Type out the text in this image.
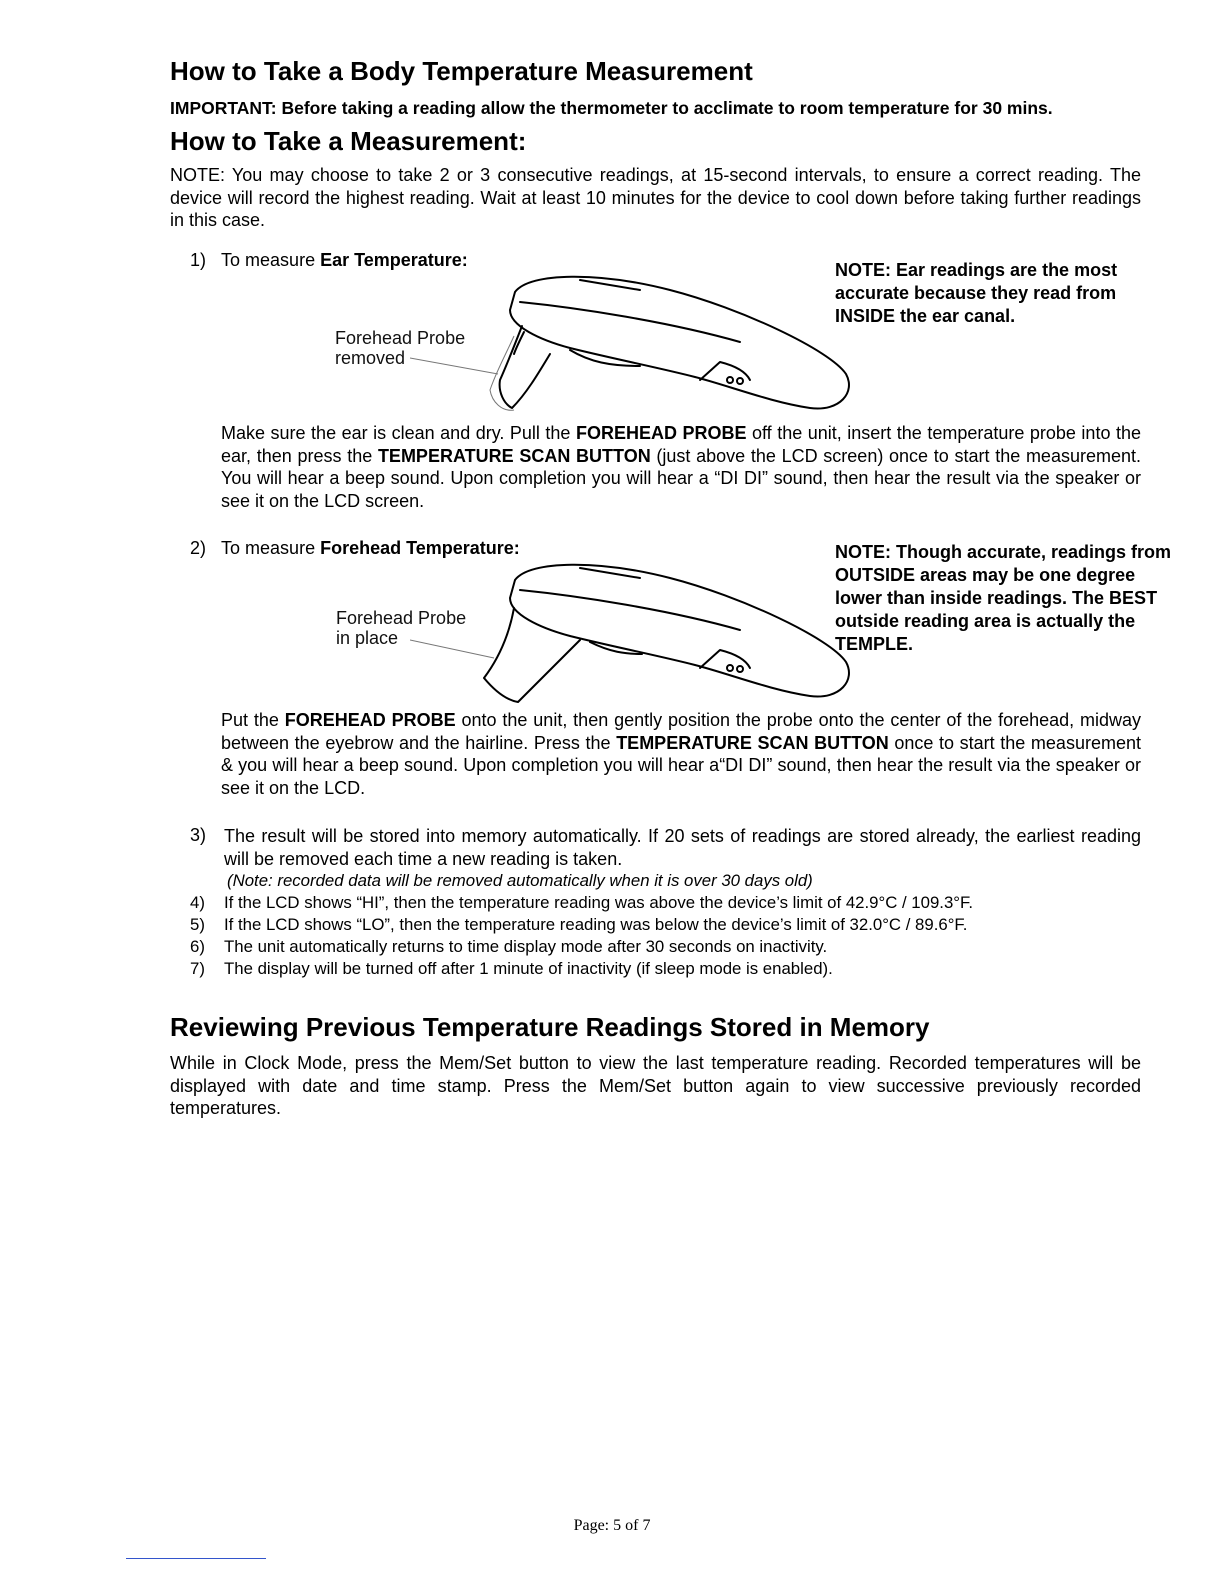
How to Take a Body Temperature Measurement
IMPORTANT: Before taking a reading allow the thermometer to acclimate to room temperature for 30 mins.
How to Take a Measurement:
NOTE: You may choose to take 2 or 3 consecutive readings, at 15-second intervals, to ensure a correct reading. The device will record the highest reading. Wait at least 10 minutes for the device to cool down before taking further readings in this case.
1) To measure Ear Temperature:
Forehead Probe
removed
NOTE: Ear readings are the most accurate because they read from INSIDE the ear canal.
Make sure the ear is clean and dry. Pull the FOREHEAD PROBE off the unit, insert the temperature probe into the ear, then press the TEMPERATURE SCAN BUTTON (just above the LCD screen) once to start the measurement. You will hear a beep sound. Upon completion you will hear a “DI DI” sound, then hear the result via the speaker or see it on the LCD screen.
2) To measure Forehead Temperature:
Forehead Probe
in place
NOTE: Though accurate, readings from OUTSIDE areas may be one degree lower than inside readings. The BEST outside reading area is actually the TEMPLE.
Put the FOREHEAD PROBE onto the unit, then gently position the probe onto the center of the forehead, midway between the eyebrow and the hairline. Press the TEMPERATURE SCAN BUTTON once to start the measurement & you will hear a beep sound. Upon completion you will hear a“DI DI” sound, then hear the result via the speaker or see it on the LCD.
3) The result will be stored into memory automatically. If 20 sets of readings are stored already, the earliest reading will be removed each time a new reading is taken.
(Note: recorded data will be removed automatically when it is over 30 days old)
4) If the LCD shows “HI”, then the temperature reading was above the device’s limit of 42.9°C / 109.3°F.
5) If the LCD shows “LO”, then the temperature reading was below the device’s limit of 32.0°C / 89.6°F.
6) The unit automatically returns to time display mode after 30 seconds on inactivity.
7) The display will be turned off after 1 minute of inactivity (if sleep mode is enabled).
Reviewing Previous Temperature Readings Stored in Memory
While in Clock Mode, press the Mem/Set button to view the last temperature reading. Recorded temperatures will be displayed with date and time stamp. Press the Mem/Set button again to view successive previously recorded temperatures.
Page: 5 of 7
